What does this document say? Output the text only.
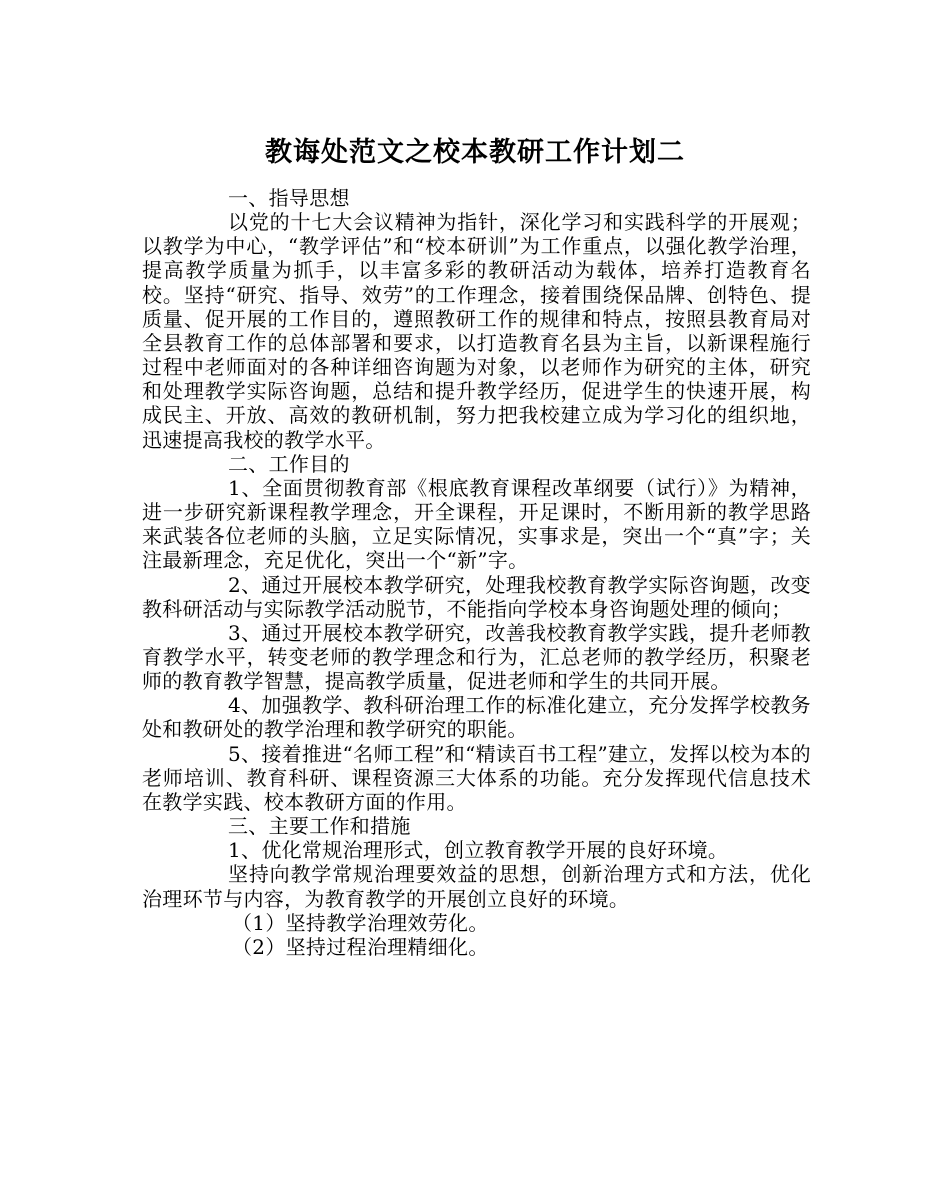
教诲处范文之校本教研工作计划二

一、指导思想

以党的十七大会议精神为指针，深化学习和实践科学的开展观；以教学为中心，“教学评估”和“校本研训”为工作重点，以强化教学治理，提高教学质量为抓手，以丰富多彩的教研活动为载体，培养打造教育名校。坚持“研究、指导、效劳”的工作理念，接着围绕保品牌、创特色、提质量、促开展的工作目的，遵照教研工作的规律和特点，按照县教育局对全县教育工作的总体部署和要求，以打造教育名县为主旨，以新课程施行过程中老师面对的各种详细咨询题为对象，以老师作为研究的主体，研究和处理教学实际咨询题，总结和提升教学经历，促进学生的快速开展，构成民主、开放、高效的教研机制，努力把我校建立成为学习化的组织地，迅速提高我校的教学水平。

二、工作目的

1、全面贯彻教育部《根底教育课程改革纲要（试行）》为精神，进一步研究新课程教学理念，开全课程，开足课时，不断用新的教学思路来武装各位老师的头脑，立足实际情况，实事求是，突出一个“真”字；关注最新理念，充足优化，突出一个“新”字。

2、通过开展校本教学研究，处理我校教育教学实际咨询题，改变教科研活动与实际教学活动脱节，不能指向学校本身咨询题处理的倾向；

3、通过开展校本教学研究，改善我校教育教学实践，提升老师教育教学水平，转变老师的教学理念和行为，汇总老师的教学经历，积聚老师的教育教学智慧，提高教学质量，促进老师和学生的共同开展。

4、加强教学、教科研治理工作的标准化建立，充分发挥学校教务处和教研处的教学治理和教学研究的职能。

5、接着推进“名师工程”和“精读百书工程”建立，发挥以校为本的老师培训、教育科研、课程资源三大体系的功能。充分发挥现代信息技术在教学实践、校本教研方面的作用。

三、主要工作和措施

1、优化常规治理形式，创立教育教学开展的良好环境。

坚持向教学常规治理要效益的思想，创新治理方式和方法，优化治理环节与内容，为教育教学的开展创立良好的环境。

（1）坚持教学治理效劳化。

（2）坚持过程治理精细化。
